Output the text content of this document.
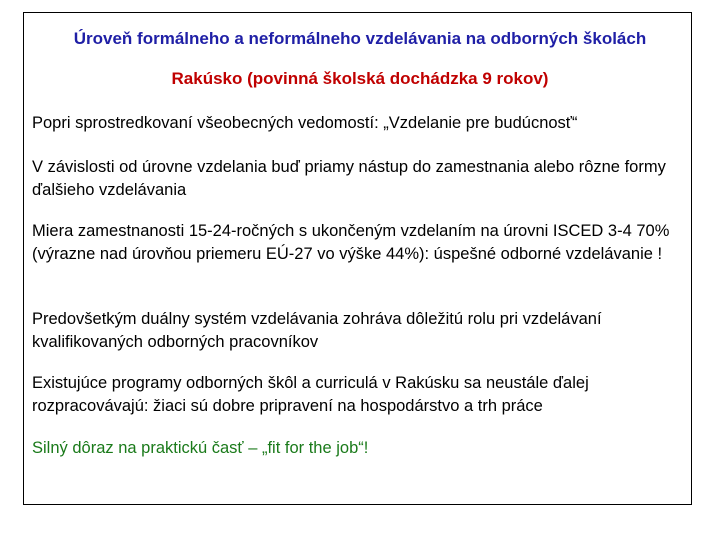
Úroveň formálneho a neformálneho vzdelávania na odborných školách
Rakúsko (povinná školská dochádzka 9 rokov)

Popri sprostredkovaní všeobecných vedomostí: „Vzdelanie pre budúcnosť“

V závislosti od úrovne vzdelania buď priamy nástup do zamestnania alebo rôzne formy ďalšieho vzdelávania

Miera zamestnanosti 15-24-ročných s ukončeným vzdelaním na úrovni ISCED 3-4 70% (výrazne nad úrovňou priemeru EÚ-27 vo výške 44%): úspešné odborné vzdelávanie !

Predovšetkým duálny systém vzdelávania zohráva dôležitú rolu pri vzdelávaní kvalifikovaných odborných pracovníkov

Existujúce programy odborných škôl a curriculá v Rakúsku sa neustále ďalej rozpracovávajú: žiaci sú dobre pripravení na hospodárstvo a trh práce

Silný dôraz na praktickú časť – „fit for the job“!
